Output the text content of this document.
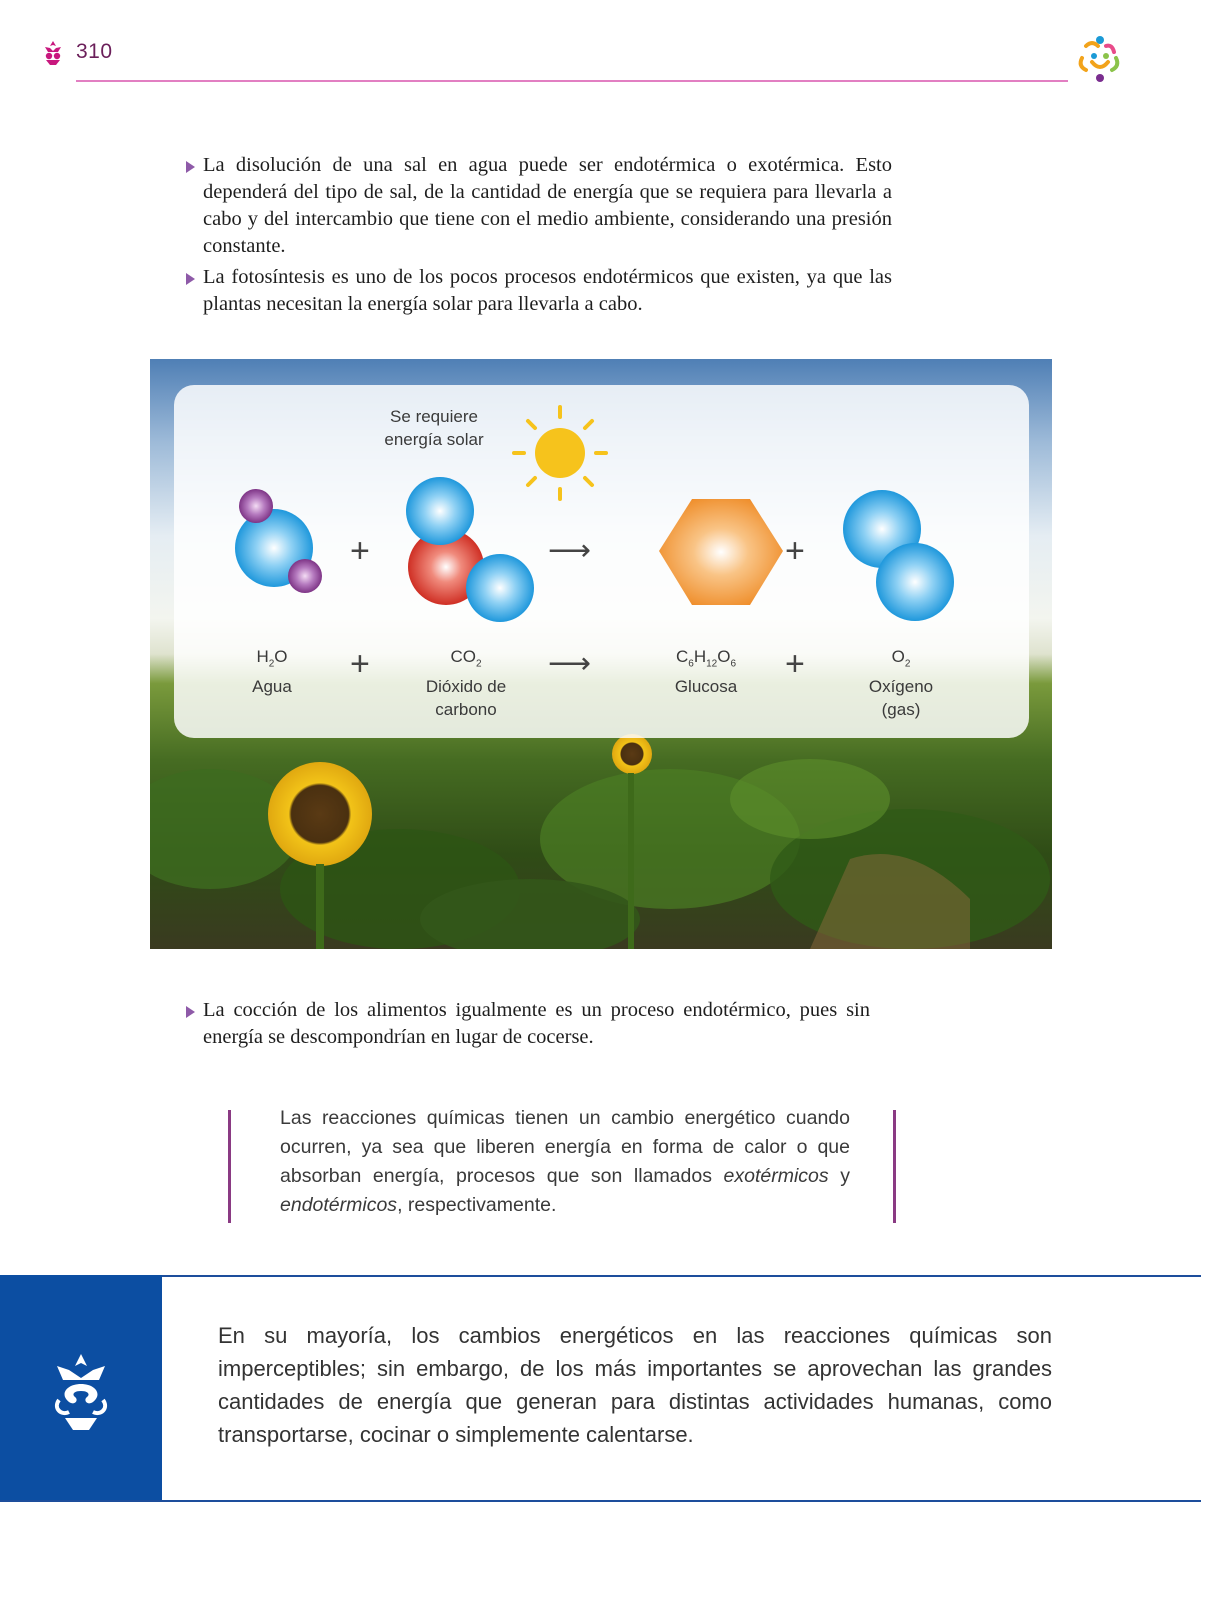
310
La disolución de una sal en agua puede ser endotérmica o exotérmica. Esto dependerá del tipo de sal, de la cantidad de energía que se requiera para llevarla a cabo y del intercambio que tiene con el medio ambiente, considerando una presión constante.
La fotosíntesis es uno de los pocos procesos endotérmicos que existen, ya que las plantas necesitan la energía solar para llevarla a cabo.
Se requiere
energía solar
+	⟶	+
+	⟶	+
$H_2O$
Agua
$CO_2$
Dióxido de
carbono
$C_6H_{12}O_6$
Glucosa
$O_2$
Oxígeno
(gas)
La cocción de los alimentos igualmente es un proceso endotérmico, pues sin energía se descompondrían en lugar de cocerse.
Las reacciones químicas tienen un cambio energético cuando ocurren, ya sea que liberen energía en forma de calor o que absorban energía, procesos que son llamados exotérmicos y endotérmicos, respectivamente.
En su mayoría, los cambios energéticos en las reacciones químicas son imperceptibles; sin embargo, de los más importantes se aprovechan las grandes cantidades de energía que generan para distintas actividades humanas, como transportarse, cocinar o simplemente calentarse.
